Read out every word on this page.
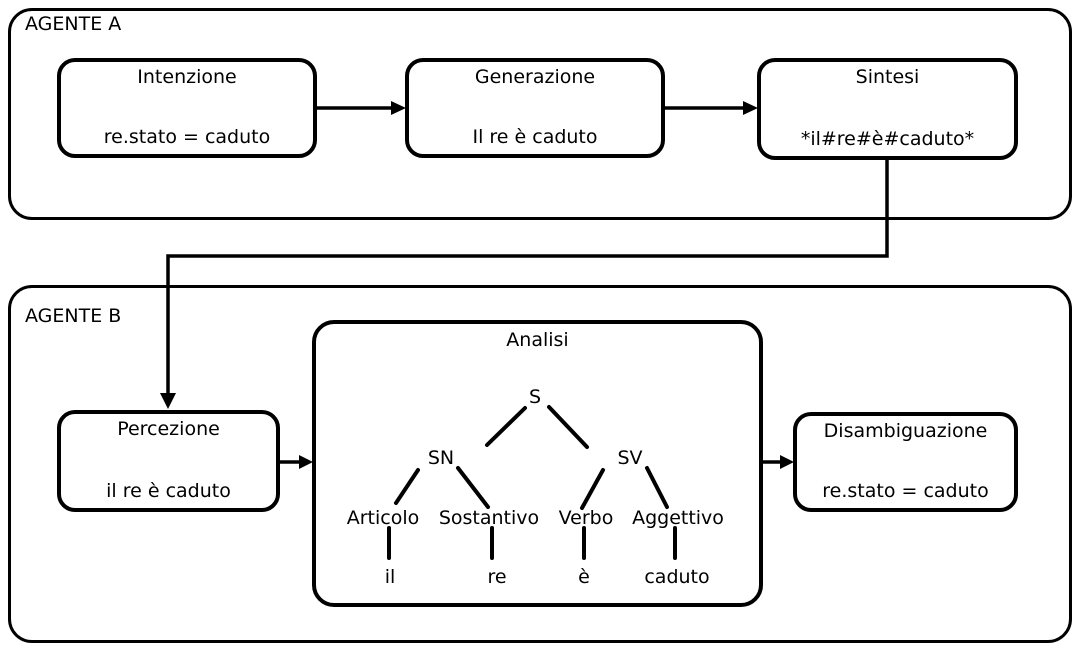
AGENTE A
AGENTE B
Intenzione
re.stato = caduto
Generazione
Il re è caduto
Sintesi
*il#re#è#caduto*
Percezione
il re è caduto
Analisi
Disambiguazione
re.stato = caduto
S
SN	SV
Articolo Sostantivo Verbo Aggettivo
il	re	è	caduto
